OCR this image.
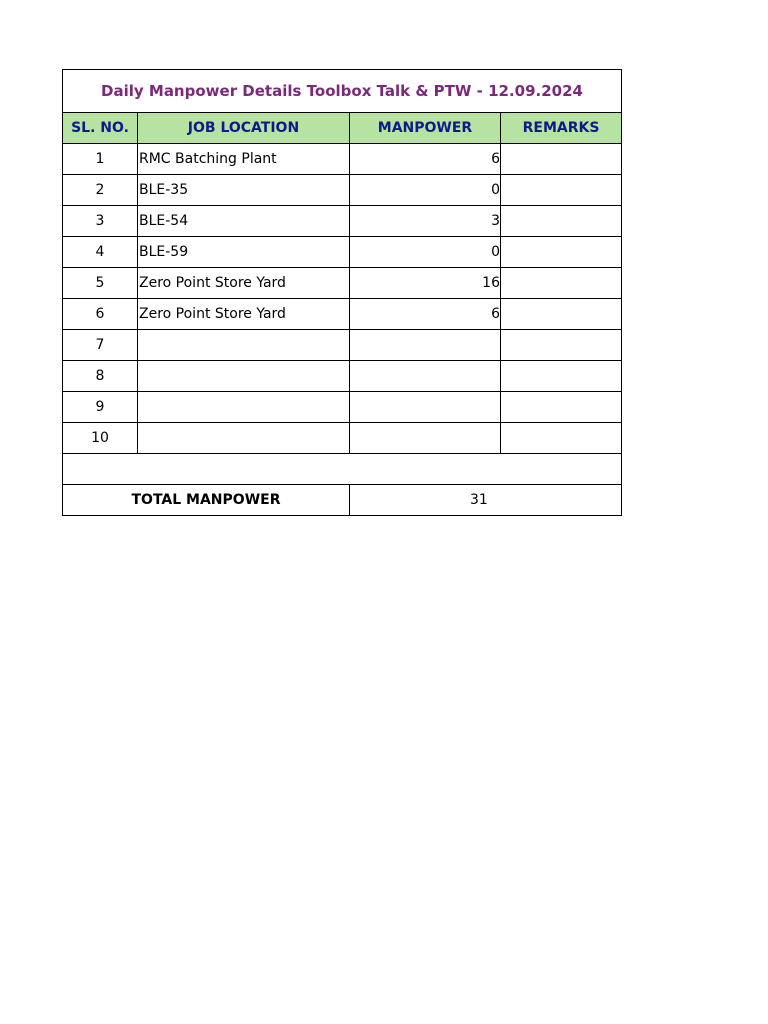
Daily Manpower Details Toolbox Talk & PTW - 12.09.2024			
SL. NO.	JOB LOCATION	MANPOWER	REMARKS
1	RMC Batching Plant	6	
2	BLE-35	0	
3	BLE-54	3	
4	BLE-59	0	
5	Zero Point Store Yard	16	
6	Zero Point Store Yard	6	
7			
8			
9			
10			

TOTAL MANPOWER		31	
